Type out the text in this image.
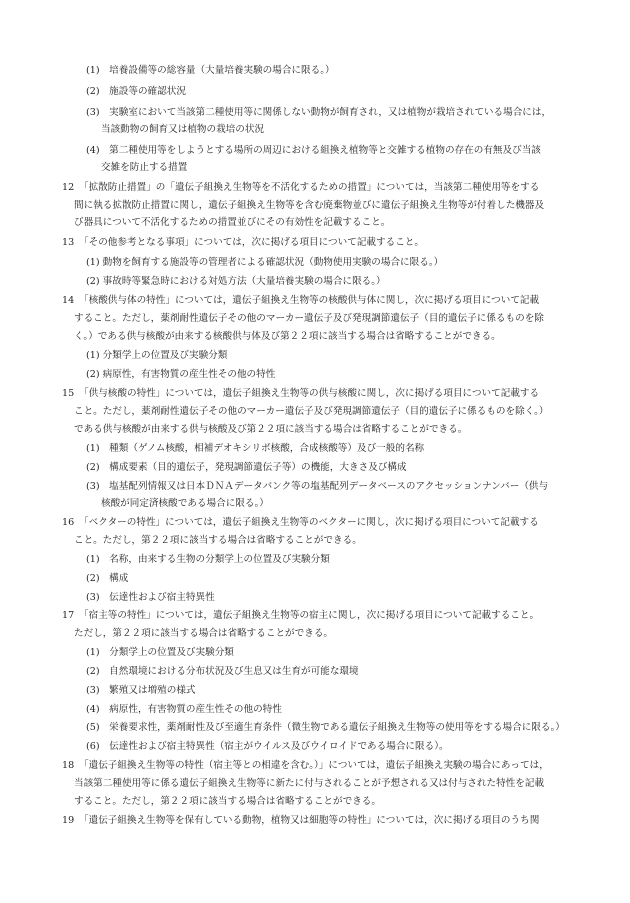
(1)　培養設備等の総容量（大量培養実験の場合に限る。）
(2)　施設等の確認状況
(3)　実験室において当該第二種使用等に関係しない動物が飼育され，又は植物が栽培されている場合には，
当該動物の飼育又は植物の栽培の状況
(4)　第二種使用等をしようとする場所の周辺における組換え植物等と交雑する植物の存在の有無及び当該
交雑を防止する措置
12　「拡散防止措置」の「遺伝子組換え生物等を不活化するための措置」については，当該第二種使用等をする
間に執る拡散防止措置に関し，遺伝子組換え生物等を含む廃棄物並びに遺伝子組換え生物等が付着した機器及
び器具について不活化するための措置並びにその有効性を記載すること。
13　「その他参考となる事項」については，次に掲げる項目について記載すること。
(1) 動物を飼育する施設等の管理者による確認状況（動物使用実験の場合に限る。）
(2) 事故時等緊急時における対処方法（大量培養実験の場合に限る。）
14　「核酸供与体の特性」については，遺伝子組換え生物等の核酸供与体に関し，次に掲げる項目について記載
すること。ただし，薬剤耐性遺伝子その他のマーカー遺伝子及び発現調節遺伝子（目的遺伝子に係るものを除
く。）である供与核酸が由来する核酸供与体及び第２２項に該当する場合は省略することができる。
(1) 分類学上の位置及び実験分類
(2) 病原性，有害物質の産生性その他の特性
15　「供与核酸の特性」については，遺伝子組換え生物等の供与核酸に関し，次に掲げる項目について記載する
こと。ただし，薬剤耐性遺伝子その他のマーカー遺伝子及び発現調節遺伝子（目的遺伝子に係るものを除く。）
である供与核酸が由来する供与核酸及び第２２項に該当する場合は省略することができる。
(1)　種類（ゲノム核酸，相補デオキシリボ核酸，合成核酸等）及び一般的名称
(2)　構成要素（目的遺伝子，発現調節遺伝子等）の機能，大きさ及び構成
(3)　塩基配列情報又は日本ＤＮＡデータバンク等の塩基配列データベースのアクセッションナンバー（供与
核酸が同定済核酸である場合に限る。）
16　「ベクターの特性」については，遺伝子組換え生物等のベクターに関し，次に掲げる項目について記載する
こと。ただし，第２２項に該当する場合は省略することができる。
(1)　名称，由来する生物の分類学上の位置及び実験分類
(2)　構成
(3)　伝達性および宿主特異性
17　「宿主等の特性」については，遺伝子組換え生物等の宿主に関し，次に掲げる項目について記載すること。
ただし，第２２項に該当する場合は省略することができる。
(1)　分類学上の位置及び実験分類
(2)　自然環境における分布状況及び生息又は生育が可能な環境
(3)　繁殖又は増殖の様式
(4)　病原性，有害物質の産生性その他の特性
(5)　栄養要求性，薬剤耐性及び至適生育条件（微生物である遺伝子組換え生物等の使用等をする場合に限る。）
(6)　伝達性および宿主特異性（宿主がウイルス及びウイロイドである場合に限る）。
18　「遺伝子組換え生物等の特性（宿主等との相違を含む。）」については，遺伝子組換え実験の場合にあっては，
当該第二種使用等に係る遺伝子組換え生物等に新たに付与されることが予想される又は付与された特性を記載
すること。ただし，第２２項に該当する場合は省略することができる。
19　「遺伝子組換え生物等を保有している動物，植物又は細胞等の特性」については，次に掲げる項目のうち関
